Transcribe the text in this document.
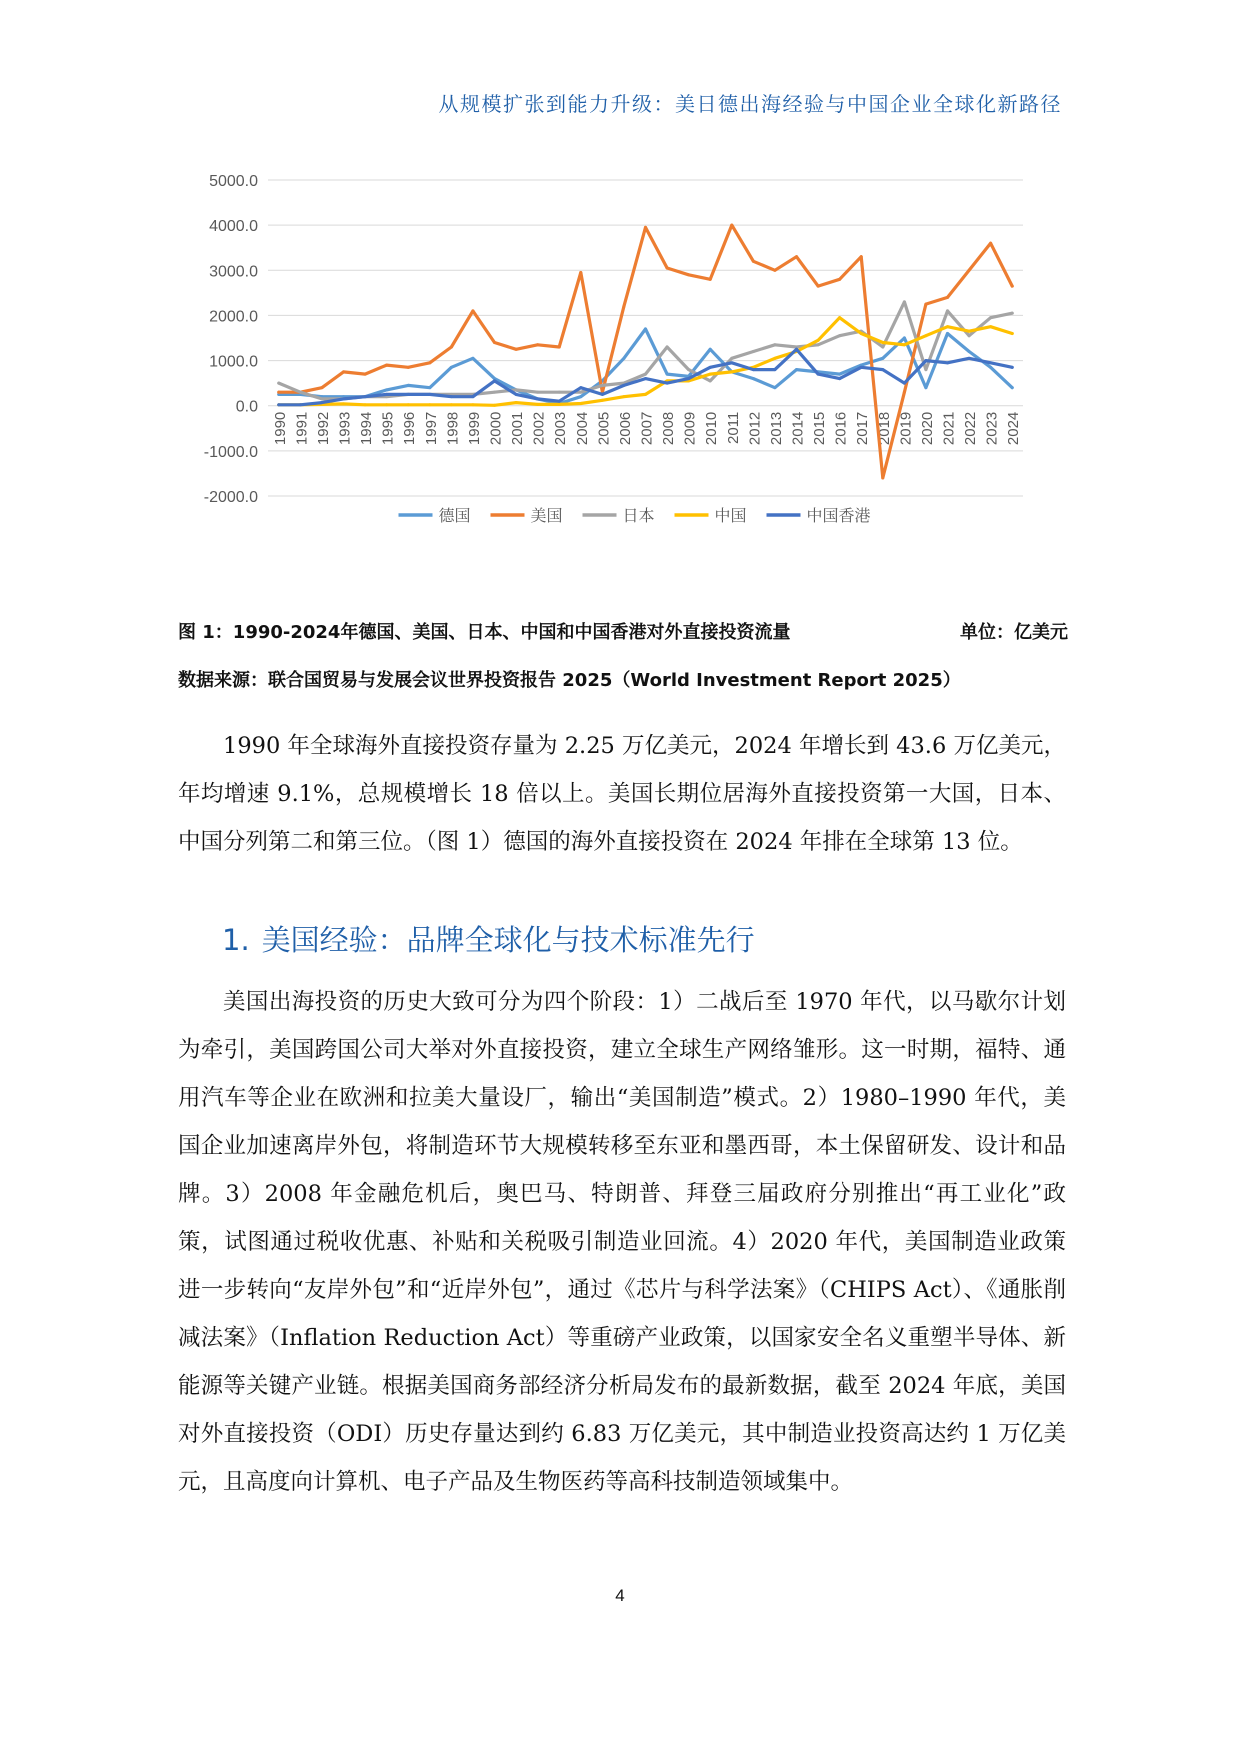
从规模扩张到能力升级：美日德出海经验与中国企业全球化新路径
5000.0
4000.0
3000.0
2000.0
1000.0
0.0
-1000.0
-2000.0
1990 1991 1992 1993 1994 1995 1996 1997 1998 1999 2000 2001 2002 2003 2004 2005 2006 2007 2008 2009 2010 2011 2012 2013 2014 2015 2016 2017 2018 2019 2020 2021 2022 2023 2024
德国	美国	日本	中国	中国香港
图 1：1990-2024年德国、美国、日本、中国和中国香港对外直接投资流量	单位：亿美元
数据来源：联合国贸易与发展会议世界投资报告 2025（World Investment Report 2025）
1990 年全球海外直接投资存量为 2.25 万亿美元，2024 年增长到 43.6 万亿美元，年均增速 9.1%，总规模增长 18 倍以上。美国长期位居海外直接投资第一大国，日本、中国分列第二和第三位。（图 1）德国的海外直接投资在 2024 年排在全球第 13 位。
1. 美国经验：品牌全球化与技术标准先行
美国出海投资的历史大致可分为四个阶段：1）二战后至 1970 年代，以马歇尔计划为牵引，美国跨国公司大举对外直接投资，建立全球生产网络雏形。这一时期，福特、通用汽车等企业在欧洲和拉美大量设厂，输出“美国制造”模式。2）1980–1990 年代，美国企业加速离岸外包，将制造环节大规模转移至东亚和墨西哥，本土保留研发、设计和品牌。3）2008 年金融危机后，奥巴马、特朗普、拜登三届政府分别推出“再工业化”政策，试图通过税收优惠、补贴和关税吸引制造业回流。4）2020 年代，美国制造业政策进一步转向“友岸外包”和“近岸外包”，通过《芯片与科学法案》（CHIPS Act）、《通胀削减法案》（Inflation Reduction Act）等重磅产业政策，以国家安全名义重塑半导体、新能源等关键产业链。根据美国商务部经济分析局发布的最新数据，截至 2024 年底，美国对外直接投资（ODI）历史存量达到约 6.83 万亿美元，其中制造业投资高达约 1 万亿美元，且高度向计算机、电子产品及生物医药等高科技制造领域集中。
4
